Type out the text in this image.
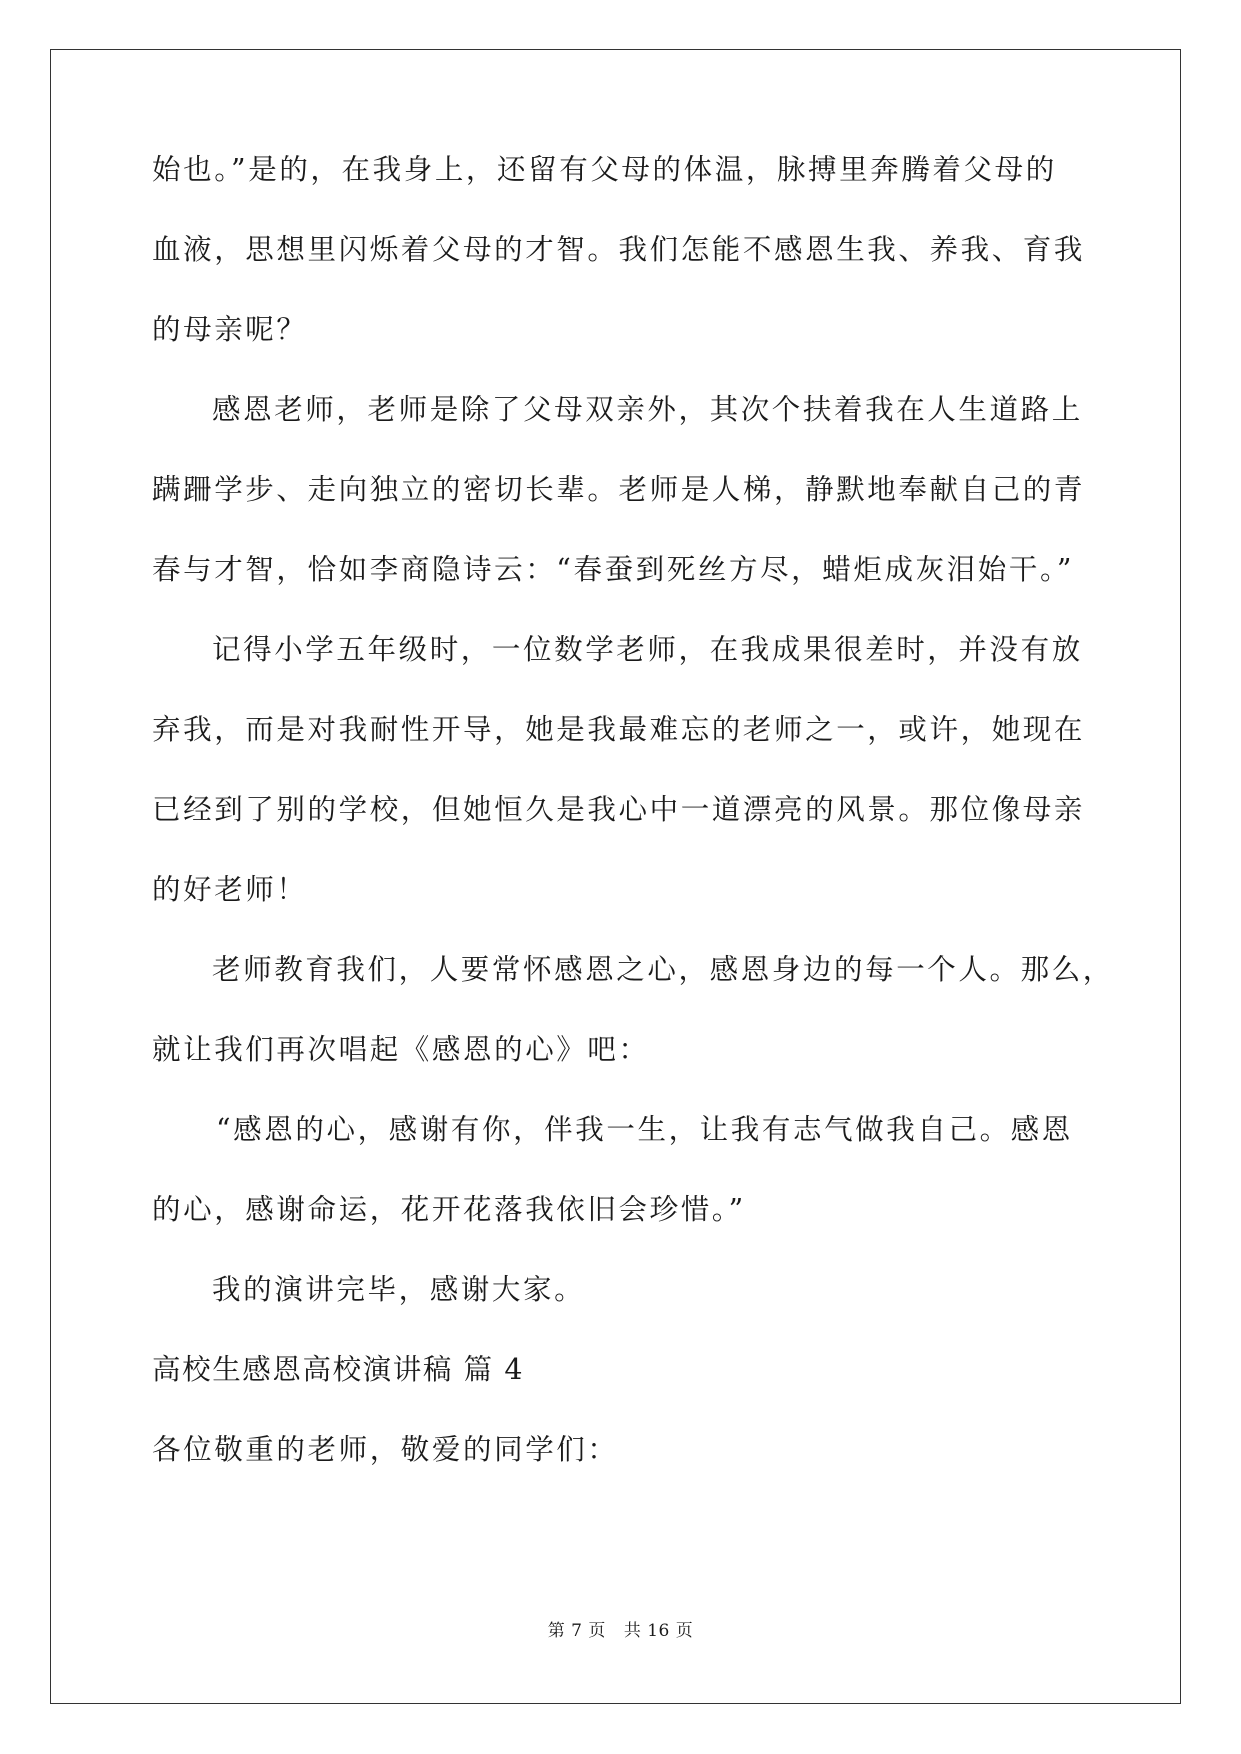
始也。”是的，在我身上，还留有父母的体温，脉搏里奔腾着父母的
血液，思想里闪烁着父母的才智。我们怎能不感恩生我、养我、育我
的母亲呢？
感恩老师，老师是除了父母双亲外，其次个扶着我在人生道路上
蹒跚学步、走向独立的密切长辈。老师是人梯，静默地奉献自己的青
春与才智，恰如李商隐诗云：“春蚕到死丝方尽，蜡炬成灰泪始干。”
记得小学五年级时，一位数学老师，在我成果很差时，并没有放
弃我，而是对我耐性开导，她是我最难忘的老师之一，或许，她现在
已经到了别的学校，但她恒久是我心中一道漂亮的风景。那位像母亲
的好老师！
老师教育我们，人要常怀感恩之心，感恩身边的每一个人。那么，
就让我们再次唱起《感恩的心》吧：
“感恩的心，感谢有你，伴我一生，让我有志气做我自己。感恩
的心，感谢命运，花开花落我依旧会珍惜。”
我的演讲完毕，感谢大家。
高校生感恩高校演讲稿 篇 4
各位敬重的老师，敬爱的同学们：
第 7 页 共 16 页
